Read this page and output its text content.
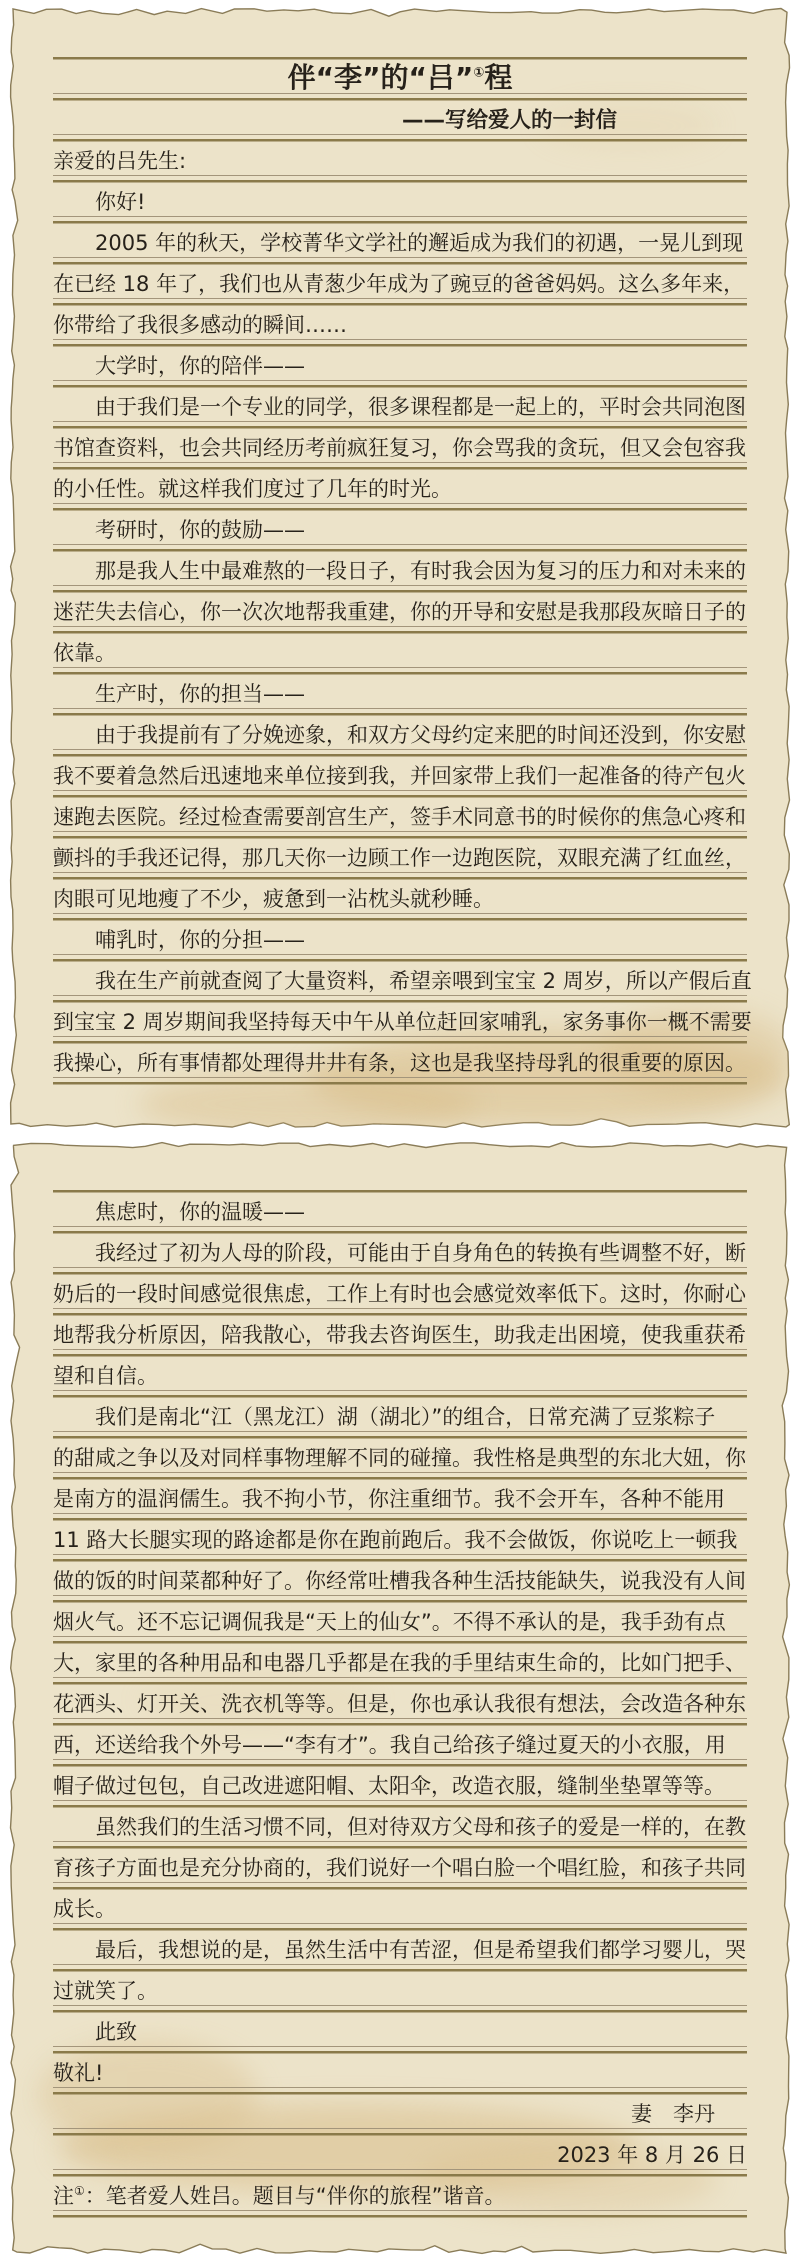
伴“李”的“吕”①程
——写给爱人的一封信
亲爱的吕先生:
你好!
2005 年的秋天，学校菁华文学社的邂逅成为我们的初遇，一晃儿到现
在已经 18 年了，我们也从青葱少年成为了豌豆的爸爸妈妈。这么多年来，
你带给了我很多感动的瞬间……
大学时，你的陪伴——
由于我们是一个专业的同学，很多课程都是一起上的，平时会共同泡图
书馆查资料，也会共同经历考前疯狂复习，你会骂我的贪玩，但又会包容我
的小任性。就这样我们度过了几年的时光。
考研时，你的鼓励——
那是我人生中最难熬的一段日子，有时我会因为复习的压力和对未来的
迷茫失去信心，你一次次地帮我重建，你的开导和安慰是我那段灰暗日子的
依靠。
生产时，你的担当——
由于我提前有了分娩迹象，和双方父母约定来肥的时间还没到，你安慰
我不要着急然后迅速地来单位接到我，并回家带上我们一起准备的待产包火
速跑去医院。经过检查需要剖宫生产，签手术同意书的时候你的焦急心疼和
颤抖的手我还记得，那几天你一边顾工作一边跑医院，双眼充满了红血丝，
肉眼可见地瘦了不少，疲惫到一沾枕头就秒睡。
哺乳时，你的分担——
我在生产前就查阅了大量资料，希望亲喂到宝宝 2 周岁，所以产假后直
到宝宝 2 周岁期间我坚持每天中午从单位赶回家哺乳，家务事你一概不需要
我操心，所有事情都处理得井井有条，这也是我坚持母乳的很重要的原因。
焦虑时，你的温暖——
我经过了初为人母的阶段，可能由于自身角色的转换有些调整不好，断
奶后的一段时间感觉很焦虑，工作上有时也会感觉效率低下。这时，你耐心
地帮我分析原因，陪我散心，带我去咨询医生，助我走出困境，使我重获希
望和自信。
我们是南北“江（黑龙江）湖（湖北）”的组合，日常充满了豆浆粽子
的甜咸之争以及对同样事物理解不同的碰撞。我性格是典型的东北大妞，你
是南方的温润儒生。我不拘小节，你注重细节。我不会开车，各种不能用
11 路大长腿实现的路途都是你在跑前跑后。我不会做饭，你说吃上一顿我
做的饭的时间菜都种好了。你经常吐槽我各种生活技能缺失，说我没有人间
烟火气。还不忘记调侃我是“天上的仙女”。不得不承认的是，我手劲有点
大，家里的各种用品和电器几乎都是在我的手里结束生命的，比如门把手、
花洒头、灯开关、洗衣机等等。但是，你也承认我很有想法，会改造各种东
西，还送给我个外号——“李有才”。我自己给孩子缝过夏天的小衣服，用
帽子做过包包，自己改进遮阳帽、太阳伞，改造衣服，缝制坐垫罩等等。
虽然我们的生活习惯不同，但对待双方父母和孩子的爱是一样的，在教
育孩子方面也是充分协商的，我们说好一个唱白脸一个唱红脸，和孩子共同
成长。
最后，我想说的是，虽然生活中有苦涩，但是希望我们都学习婴儿，哭
过就笑了。
此致
敬礼!
妻　李丹
2023 年 8 月 26 日
注①：笔者爱人姓吕。题目与“伴你的旅程”谐音。
